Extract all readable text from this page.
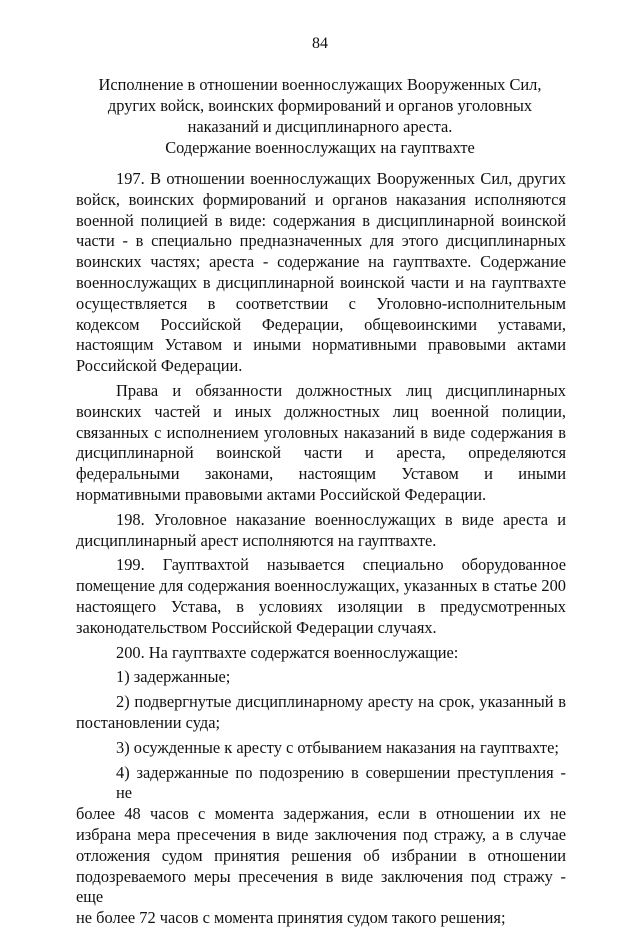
84
Исполнение в отношении военнослужащих Вооруженных Сил,
других войск, воинских формирований и органов уголовных
наказаний и дисциплинарного ареста.
Содержание военнослужащих на гауптвахте
197. В отношении военнослужащих Вооруженных Сил, других
войск, воинских формирований и органов наказания исполняются
военной полицией в виде: содержания в дисциплинарной воинской
части - в специально предназначенных для этого дисциплинарных
воинских частях; ареста - содержание на гауптвахте. Содержание
военнослужащих в дисциплинарной воинской части и на гауптвахте
осуществляется в соответствии с Уголовно-исполнительным
кодексом Российской Федерации, общевоинскими уставами,
настоящим Уставом и иными нормативными правовыми актами
Российской Федерации.
Права и обязанности должностных лиц дисциплинарных
воинских частей и иных должностных лиц военной полиции,
связанных с исполнением уголовных наказаний в виде содержания в
дисциплинарной воинской части и ареста, определяются
федеральными законами, настоящим Уставом и иными
нормативными правовыми актами Российской Федерации.
198. Уголовное наказание военнослужащих в виде ареста и
дисциплинарный арест исполняются на гауптвахте.
199. Гауптвахтой называется специально оборудованное
помещение для содержания военнослужащих, указанных в статье 200
настоящего Устава, в условиях изоляции в предусмотренных
законодательством Российской Федерации случаях.
200. На гауптвахте содержатся военнослужащие:
1) задержанные;
2) подвергнутые дисциплинарному аресту на срок, указанный в
постановлении суда;
3) осужденные к аресту с отбыванием наказания на гауптвахте;
4) задержанные по подозрению в совершении преступления - не
более 48 часов с момента задержания, если в отношении их не
избрана мера пресечения в виде заключения под стражу, а в случае
отложения судом принятия решения об избрании в отношении
подозреваемого меры пресечения в виде заключения под стражу - еще
не более 72 часов с момента принятия судом такого решения;
